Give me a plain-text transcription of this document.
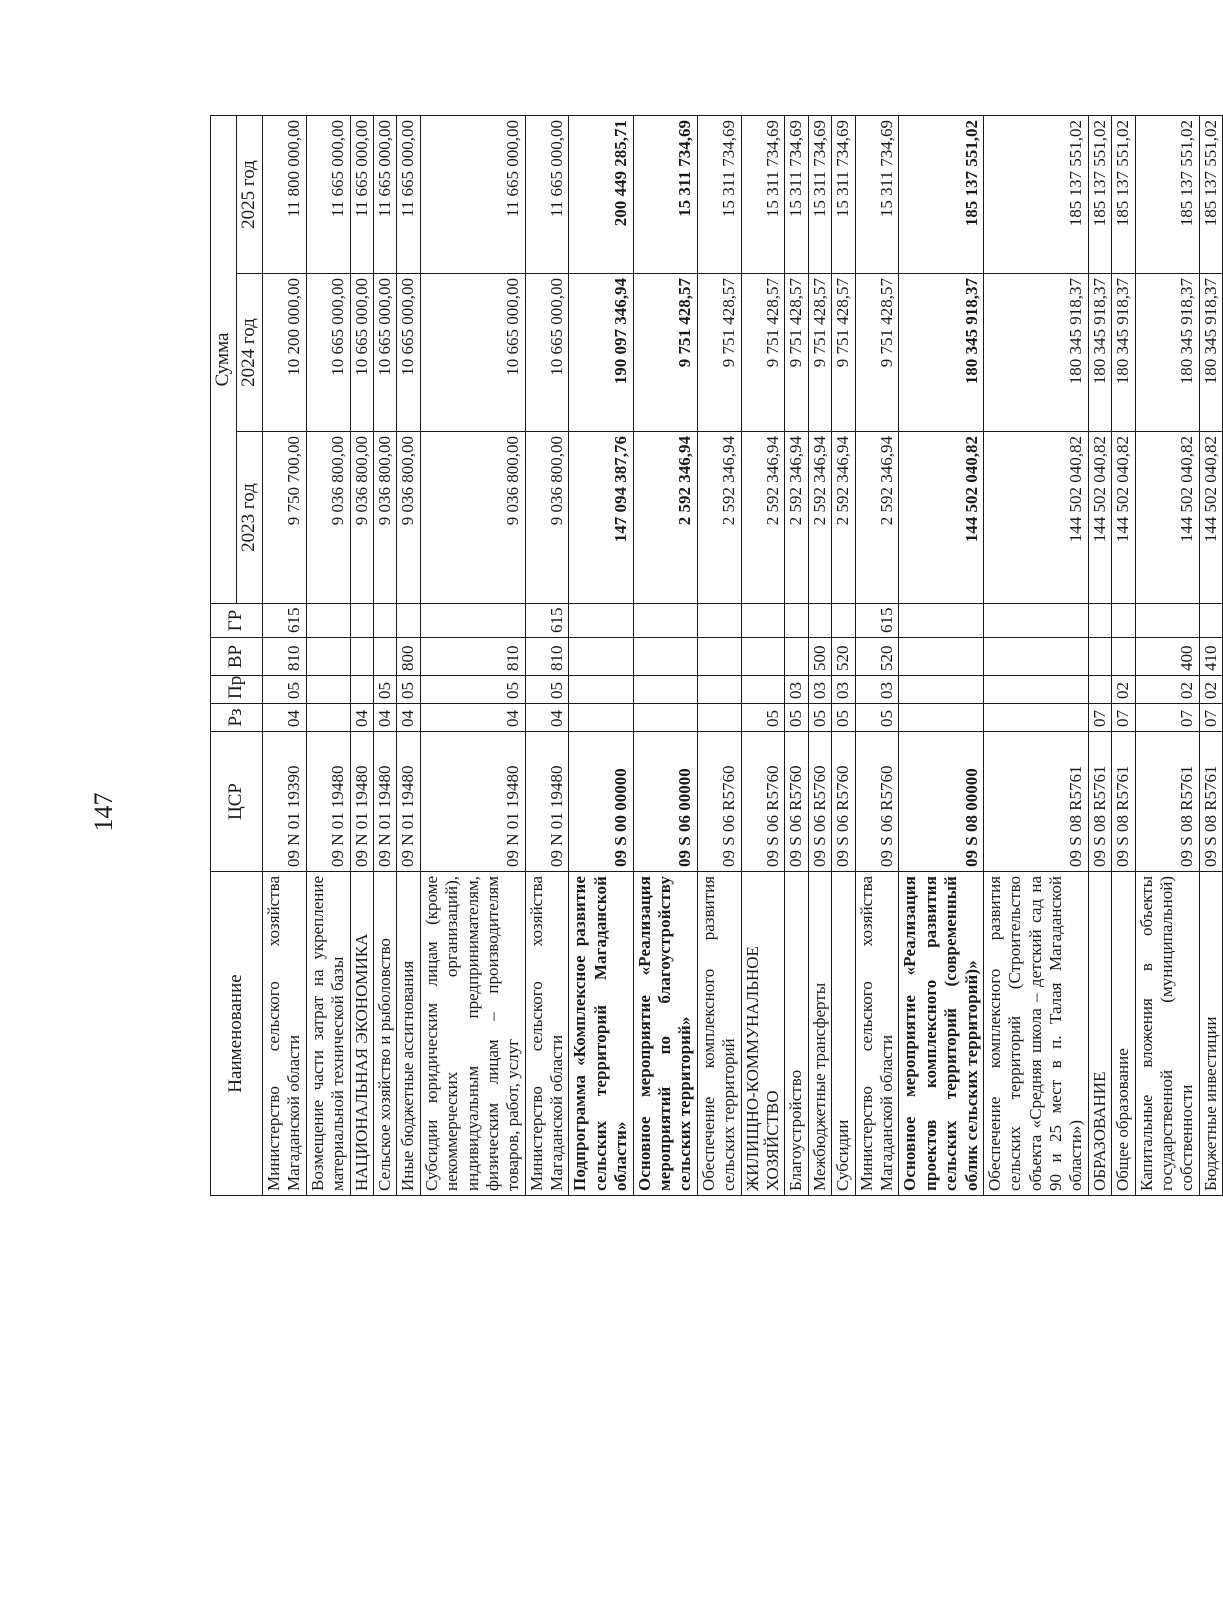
147
Наименование	ЦСР	Рз	Пр	ВР	ГР	Сумма		
						2023 год	2024 год	2025 год
Министерство сельского хозяйства Магаданской области	09 N 01 19390	04	05	810	615	9 750 700,00	10 200 000,00	11 800 000,00
Возмещение части затрат на укрепление материальной технической базы	09 N 01 19480					9 036 800,00	10 665 000,00	11 665 000,00
НАЦИОНАЛЬНАЯ ЭКОНОМИКА	09 N 01 19480	04				9 036 800,00	10 665 000,00	11 665 000,00
Сельское хозяйство и рыболовство	09 N 01 19480	04	05			9 036 800,00	10 665 000,00	11 665 000,00
Иные бюджетные ассигнования	09 N 01 19480	04	05	800		9 036 800,00	10 665 000,00	11 665 000,00
Субсидии юридическим лицам (кроме некоммерческих организаций), индивидуальным предпринимателям, физическим лицам – производителям товаров, работ, услуг	09 N 01 19480	04	05	810		9 036 800,00	10 665 000,00	11 665 000,00
Министерство сельского хозяйства Магаданской области	09 N 01 19480	04	05	810	615	9 036 800,00	10 665 000,00	11 665 000,00
Подпрограмма «Комплексное развитие сельских территорий Магаданской области»	09 S 00 00000					147 094 387,76	190 097 346,94	200 449 285,71
Основное мероприятие «Реализация мероприятий по благоустройству сельских территорий»	09 S 06 00000					2 592 346,94	9 751 428,57	15 311 734,69
Обеспечение комплексного развития сельских территорий	09 S 06 R5760					2 592 346,94	9 751 428,57	15 311 734,69
ЖИЛИЩНО-КОММУНАЛЬНОЕ ХОЗЯЙСТВО	09 S 06 R5760	05				2 592 346,94	9 751 428,57	15 311 734,69
Благоустройство	09 S 06 R5760	05	03			2 592 346,94	9 751 428,57	15 311 734,69
Межбюджетные трансферты	09 S 06 R5760	05	03	500		2 592 346,94	9 751 428,57	15 311 734,69
Субсидии	09 S 06 R5760	05	03	520		2 592 346,94	9 751 428,57	15 311 734,69
Министерство сельского хозяйства Магаданской области	09 S 06 R5760	05	03	520	615	2 592 346,94	9 751 428,57	15 311 734,69
Основное мероприятие «Реализация проектов комплексного развития сельских территорий (современный облик сельских территорий)»	09 S 08 00000					144 502 040,82	180 345 918,37	185 137 551,02
Обеспечение комплексного развития сельских территорий (Строительство объекта «Средняя школа – детский сад на 90 и 25 мест в п. Талая Магаданской области»)	09 S 08 R5761					144 502 040,82	180 345 918,37	185 137 551,02
ОБРАЗОВАНИЕ	09 S 08 R5761	07				144 502 040,82	180 345 918,37	185 137 551,02
Общее образование	09 S 08 R5761	07	02			144 502 040,82	180 345 918,37	185 137 551,02
Капитальные вложения в объекты государственной (муниципальной) собственности	09 S 08 R5761	07	02	400		144 502 040,82	180 345 918,37	185 137 551,02
Бюджетные инвестиции	09 S 08 R5761	07	02	410		144 502 040,82	180 345 918,37	185 137 551,02
